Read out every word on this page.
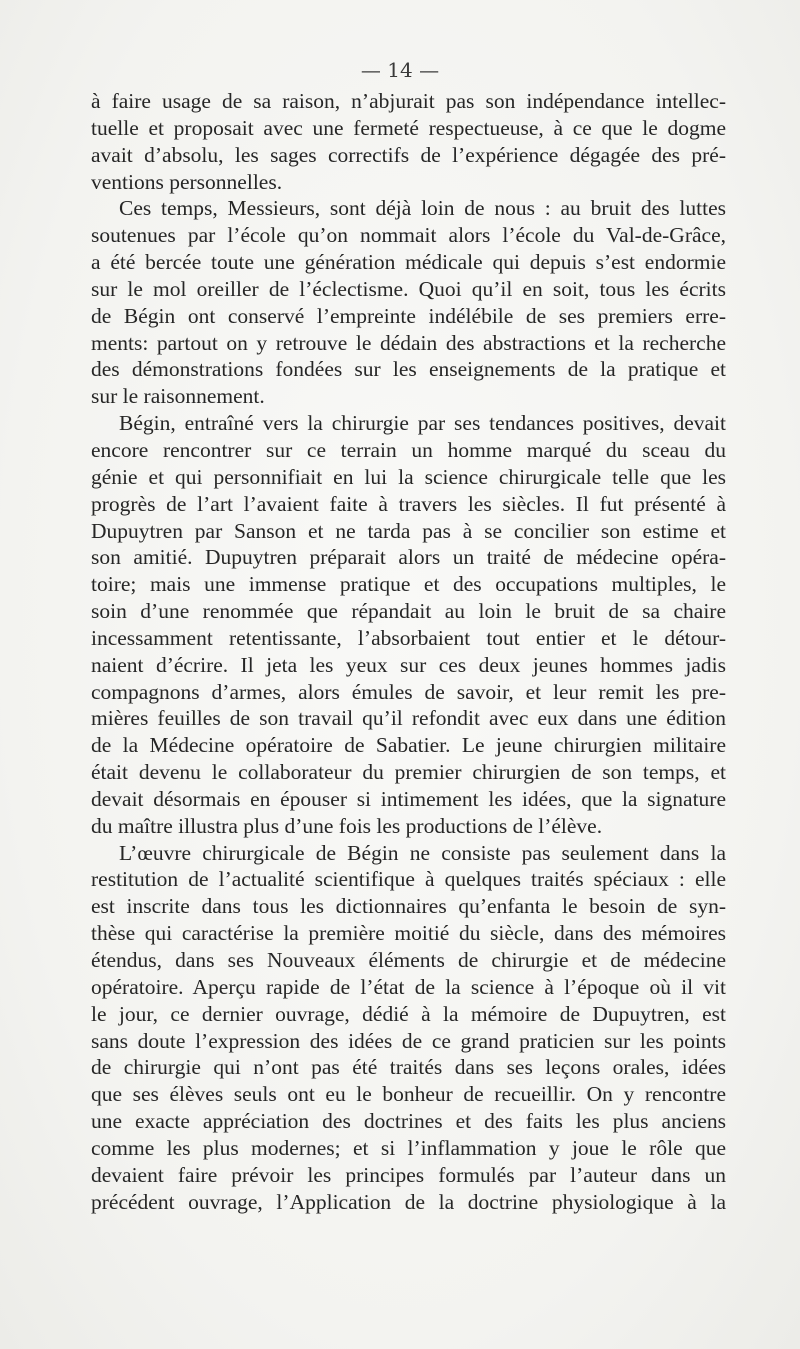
— 14 —
à faire usage de sa raison, n’abjurait pas son indépendance intellec-
tuelle et proposait avec une fermeté respectueuse, à ce que le dogme
avait d’absolu, les sages correctifs de l’expérience dégagée des pré-
ventions personnelles.
Ces temps, Messieurs, sont déjà loin de nous : au bruit des luttes
soutenues par l’école qu’on nommait alors l’école du Val-de-Grâce,
a été bercée toute une génération médicale qui depuis s’est endormie
sur le mol oreiller de l’éclectisme. Quoi qu’il en soit, tous les écrits
de Bégin ont conservé l’empreinte indélébile de ses premiers erre-
ments: partout on y retrouve le dédain des abstractions et la recherche
des démonstrations fondées sur les enseignements de la pratique et
sur le raisonnement.
Bégin, entraîné vers la chirurgie par ses tendances positives, devait
encore rencontrer sur ce terrain un homme marqué du sceau du
génie et qui personnifiait en lui la science chirurgicale telle que les
progrès de l’art l’avaient faite à travers les siècles. Il fut présenté à
Dupuytren par Sanson et ne tarda pas à se concilier son estime et
son amitié. Dupuytren préparait alors un traité de médecine opéra-
toire; mais une immense pratique et des occupations multiples, le
soin d’une renommée que répandait au loin le bruit de sa chaire
incessamment retentissante, l’absorbaient tout entier et le détour-
naient d’écrire. Il jeta les yeux sur ces deux jeunes hommes jadis
compagnons d’armes, alors émules de savoir, et leur remit les pre-
mières feuilles de son travail qu’il refondit avec eux dans une édition
de la Médecine opératoire de Sabatier. Le jeune chirurgien militaire
était devenu le collaborateur du premier chirurgien de son temps, et
devait désormais en épouser si intimement les idées, que la signature
du maître illustra plus d’une fois les productions de l’élève.
L’œuvre chirurgicale de Bégin ne consiste pas seulement dans la
restitution de l’actualité scientifique à quelques traités spéciaux : elle
est inscrite dans tous les dictionnaires qu’enfanta le besoin de syn-
thèse qui caractérise la première moitié du siècle, dans des mémoires
étendus, dans ses Nouveaux éléments de chirurgie et de médecine
opératoire. Aperçu rapide de l’état de la science à l’époque où il vit
le jour, ce dernier ouvrage, dédié à la mémoire de Dupuytren, est
sans doute l’expression des idées de ce grand praticien sur les points
de chirurgie qui n’ont pas été traités dans ses leçons orales, idées
que ses élèves seuls ont eu le bonheur de recueillir. On y rencontre
une exacte appréciation des doctrines et des faits les plus anciens
comme les plus modernes; et si l’inflammation y joue le rôle que
devaient faire prévoir les principes formulés par l’auteur dans un
précédent ouvrage, l’Application de la doctrine physiologique à la
